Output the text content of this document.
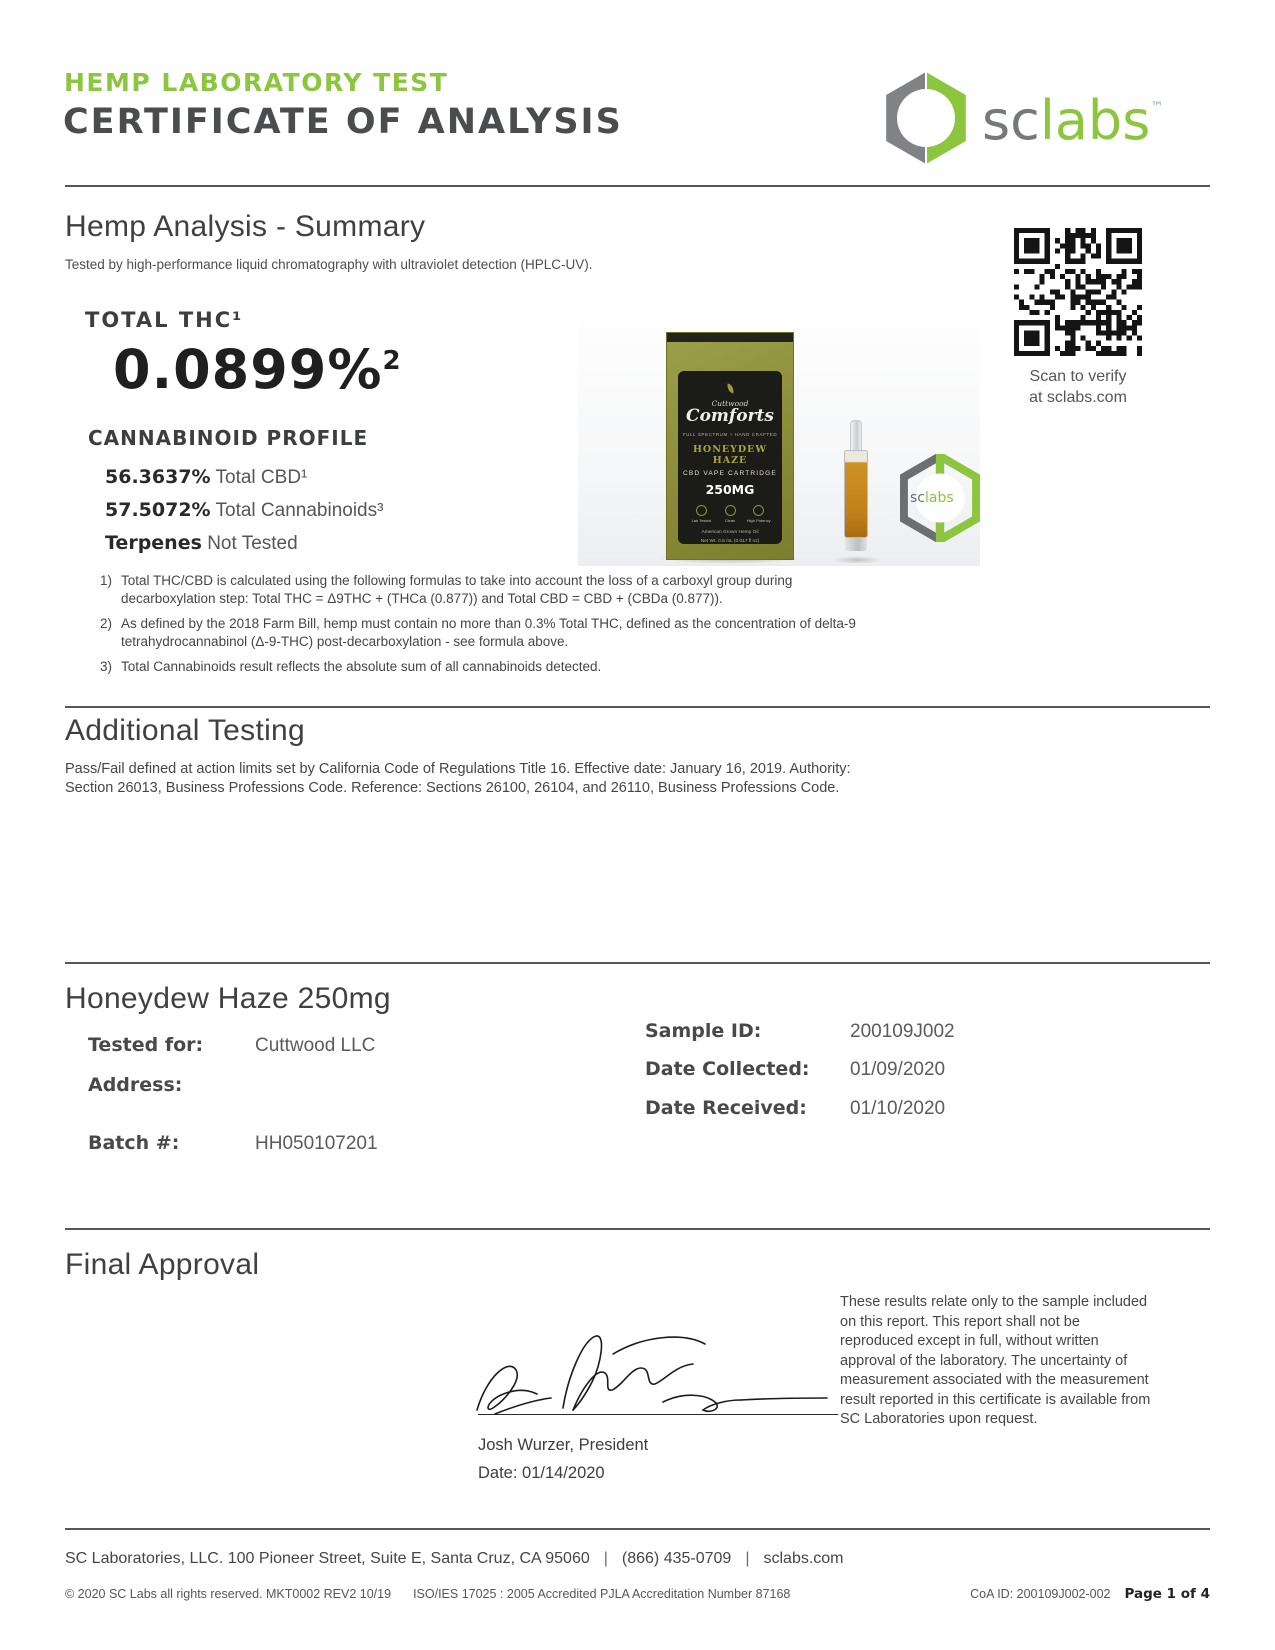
HEMP LABORATORY TEST
CERTIFICATE OF ANALYSIS	sclabs™
Hemp Analysis - Summary
Tested by high-performance liquid chromatography with ultraviolet detection (HPLC-UV).
TOTAL THC¹
0.0899%$^2$
CANNABINOID PROFILE
56.3637% Total CBD¹
57.5072% Total Cannabinoids³
Terpenes Not Tested
Cuttwood
Comforts
FULL SPECTRUM + HAND CRAFTED
HONEYDEW HAZE
CBD VAPE CARTRIDGE
250MG
Lab Tested	Clean	High Potency
American Grown Hemp Oil
Net Wt. 0.5 mL (0.017 fl oz)
sclabs
Scan to verify
at sclabs.com
1) Total THC/CBD is calculated using the following formulas to take into account the loss of a carboxyl group during decarboxylation step: Total THC = Δ9THC + (THCa (0.877)) and Total CBD = CBD + (CBDa (0.877)).
2) As defined by the 2018 Farm Bill, hemp must contain no more than 0.3% Total THC, defined as the concentration of delta-9 tetrahydrocannabinol (Δ-9-THC) post-decarboxylation - see formula above.
3) Total Cannabinoids result reflects the absolute sum of all cannabinoids detected.
Additional Testing
Pass/Fail defined at action limits set by California Code of Regulations Title 16. Effective date: January 16, 2019. Authority: Section 26013, Business Professions Code. Reference: Sections 26100, 26104, and 26110, Business Professions Code.
Honeydew Haze 250mg
Tested for:	Cuttwood LLC
Address:
Batch #:	HH050107201
Sample ID:	200109J002
Date Collected: 01/09/2020
Date Received: 01/10/2020
Final Approval
Josh Wurzer, President
Date: 01/14/2020
These results relate only to the sample included on this report. This report shall not be reproduced except in full, without written approval of the laboratory. The uncertainty of measurement associated with the measurement result reported in this certificate is available from SC Laboratories upon request.
SC Laboratories, LLC. 100 Pioneer Street, Suite E, Santa Cruz, CA 95060 | (866) 435-0709 | sclabs.com
© 2020 SC Labs all rights reserved. MKT0002 REV2 10/19 ISO/IES 17025 : 2005 Accredited PJLA Accreditation Number 87168	CoA ID: 200109J002-002 Page 1 of 4
